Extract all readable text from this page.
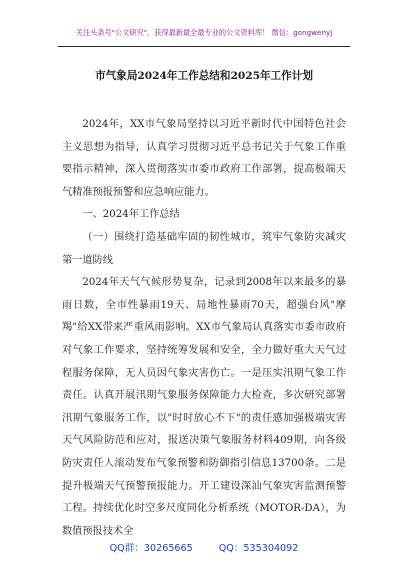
关注头条号"公文研究"，获得最新最全最专业的公文资料库！ 微信：gongwenyj
市气象局2024年工作总结和2025年工作计划

2024年，XX市气象局坚持以习近平新时代中国特色社会主义思想为指导，认真学习贯彻习近平总书记关于气象工作重要指示精神，深入贯彻落实市委市政府工作部署，提高极端天气精准预报预警和应急响应能力。

一、2024年工作总结

（一）围绕打造基础牢固的韧性城市，筑牢气象防灾减灾第一道防线

2024年天气气候形势复杂，记录到2008年以来最多的暴雨日数，全市性暴雨19天、局地性暴雨70天，超强台风"摩羯"给XX带来严重风雨影响。XX市气象局认真落实市委市政府对气象工作要求，坚持统筹发展和安全，全力做好重大天气过程服务保障，无人员因气象灾害伤亡。一是压实汛期气象工作责任。认真开展汛期气象服务保障能力大检查，多次研究部署汛期气象服务工作，以"时时放心不下"的责任感加强极端灾害天气风险防范和应对，报送决策气象服务材料409期，向各级防灾责任人滚动发布气象预警和防御指引信息13700条。二是提升极端天气预警预报能力。开工建设深汕气象灾害监测预警工程。持续优化时空多尺度同化分析系统（MOTOR-DA），为数值预报技术全

QQ群：30265665	QQ：535304092
